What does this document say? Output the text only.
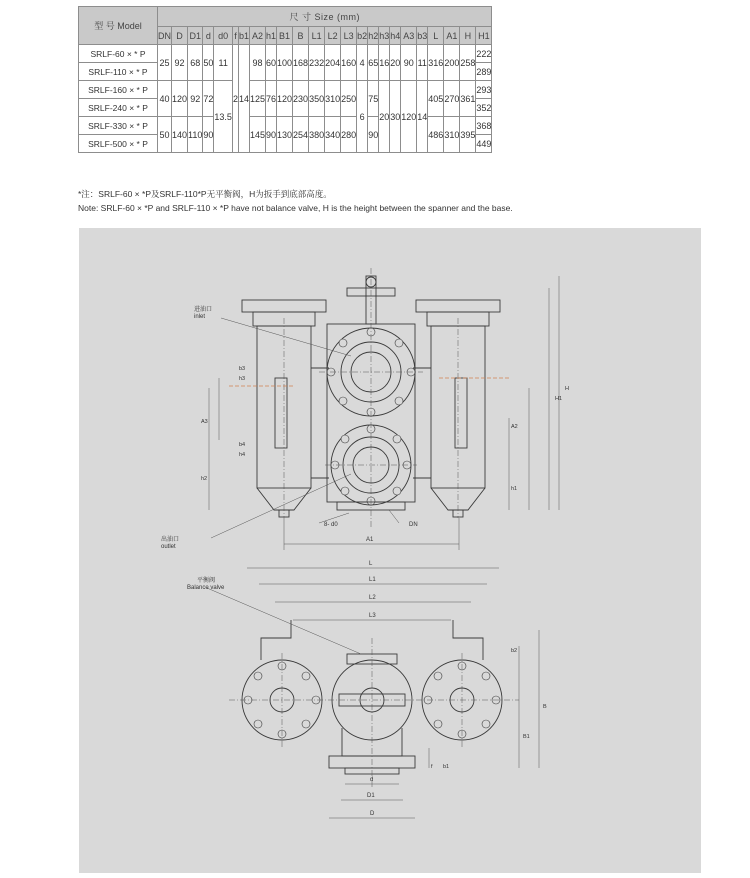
型 号 Model	尺 寸 Size (mm)																							
	DN	D	D1	d	d0	f	b1	A2	h1	B1	B	L1	L2	L3	b2	h2	h3	h4	A3	b3	L	A1	H	H1
SRLF-60 × * P	25	92	68	50	11	2	14	98	60	100	168	232	204	160	4	65	16	20	90	11	316	200	258	222
SRLF-110 × * P																								289
SRLF-160 × * P	40	120	92	72	13.5			125	76	120	230	350	310	250	6	75	20	30	120	14	405	270	361	293
SRLF-240 × * P																								352
SRLF-330 × * P	50	140	110	90				145	90	130	254	380	340	280		90					486	310	395	368
SRLF-500 × * P																								449
*注：SRLF-60 × *P及SRLF-110*P无平衡阀，H为扳手到底部高度。
Note: SRLF-60 × *P and SRLF-110 × *P have not balance valve, H is the height between the spanner and the base.
进油口
inlet
出油口
outlet
8- d0	DN
A1
H1
H
A2
h1
A3
h2
h3
b3
b4
h4
平衡阀
Balance valve
L
L1
L2
L3
b2
B
B1
f b1
d
D1
D
